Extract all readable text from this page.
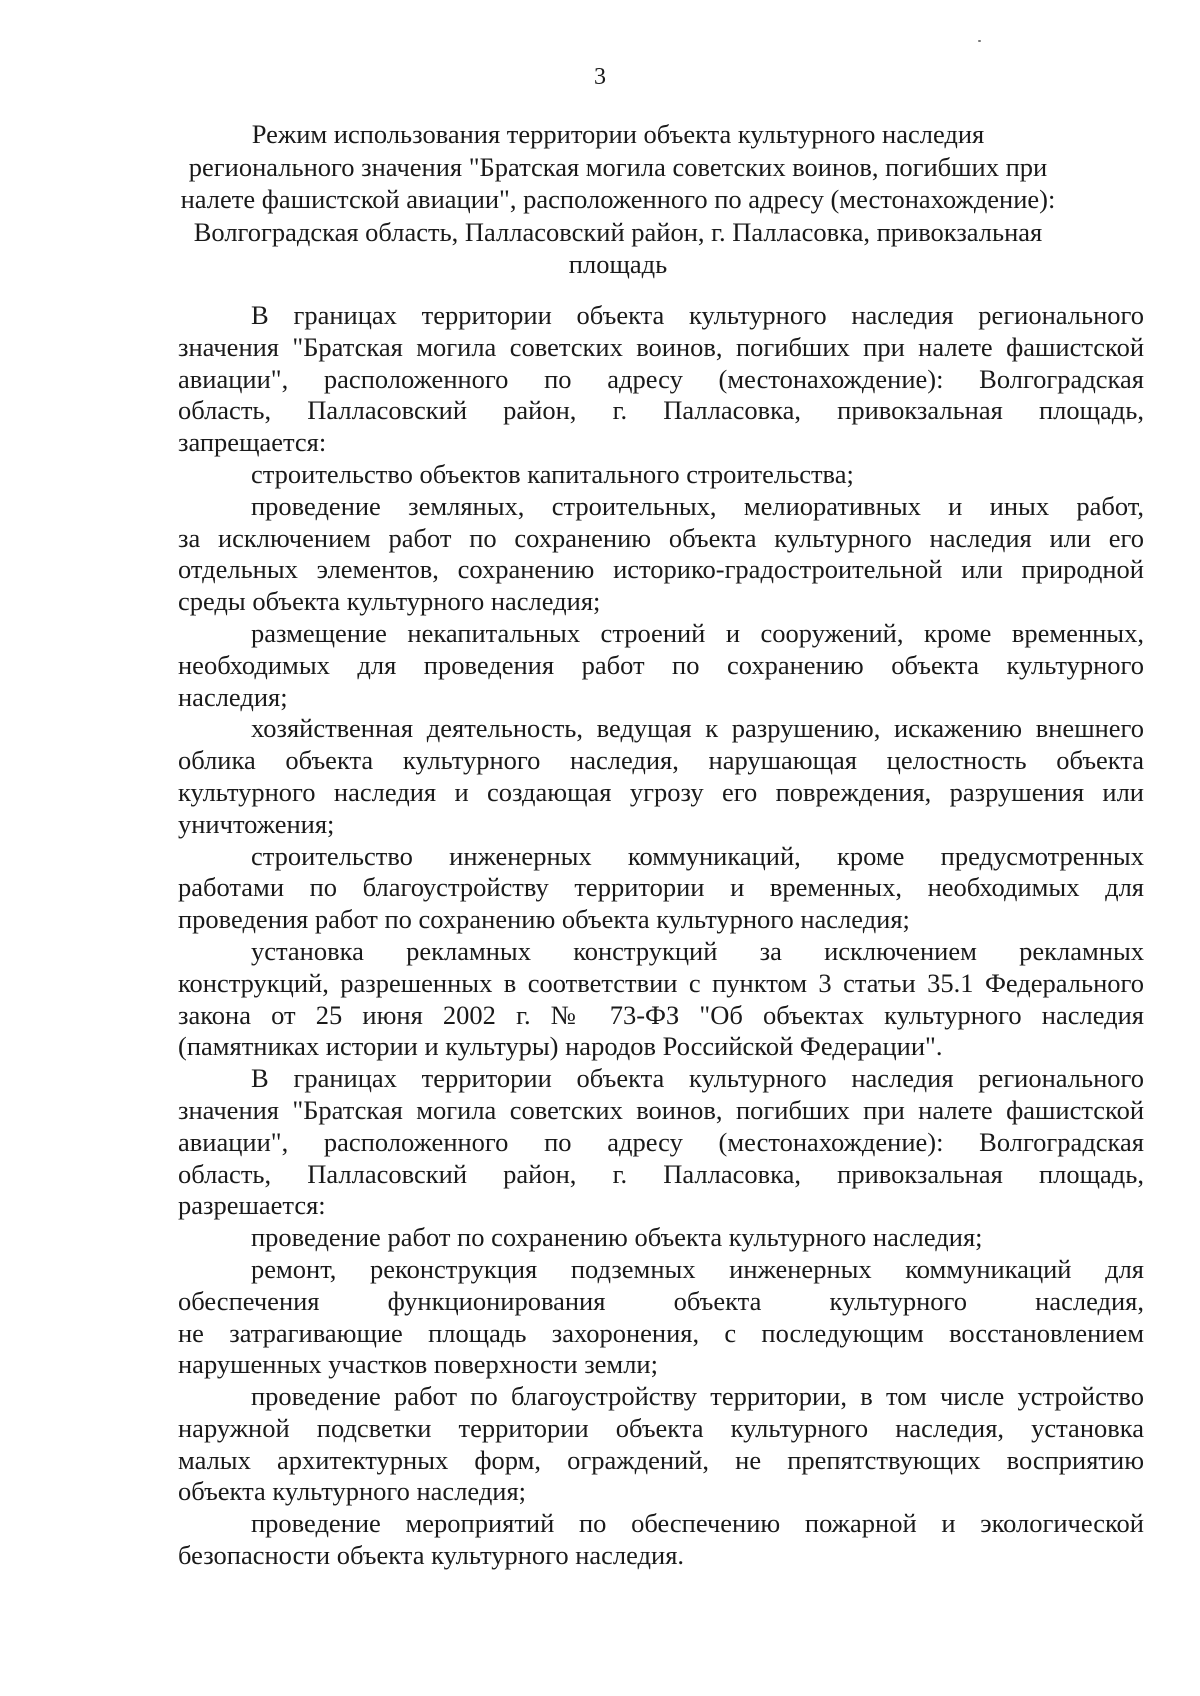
3
Режим использования территории объекта культурного наследия
регионального значения "Братская могила советских воинов, погибших при
налете фашистской авиации", расположенного по адресу (местонахождение):
Волгоградская область, Палласовский район, г. Палласовка, привокзальная
площадь
В границах территории объекта культурного наследия регионального
значения "Братская могила советских воинов, погибших при налете фашистской
авиации", расположенного по адресу (местонахождение): Волгоградская
область, Палласовский район, г. Палласовка, привокзальная площадь,
запрещается:
строительство объектов капитального строительства;
проведение земляных, строительных, мелиоративных и иных работ,
за исключением работ по сохранению объекта культурного наследия или его
отдельных элементов, сохранению историко-градостроительной или природной
среды объекта культурного наследия;
размещение некапитальных строений и сооружений, кроме временных,
необходимых для проведения работ по сохранению объекта культурного
наследия;
хозяйственная деятельность, ведущая к разрушению, искажению внешнего
облика объекта культурного наследия, нарушающая целостность объекта
культурного наследия и создающая угрозу его повреждения, разрушения или
уничтожения;
строительство инженерных коммуникаций, кроме предусмотренных
работами по благоустройству территории и временных, необходимых для
проведения работ по сохранению объекта культурного наследия;
установка рекламных конструкций за исключением рекламных
конструкций, разрешенных в соответствии с пунктом 3 статьи 35.1 Федерального
закона от 25 июня 2002 г. № 73-ФЗ "Об объектах культурного наследия
(памятниках истории и культуры) народов Российской Федерации".
В границах территории объекта культурного наследия регионального
значения "Братская могила советских воинов, погибших при налете фашистской
авиации", расположенного по адресу (местонахождение): Волгоградская
область, Палласовский район, г. Палласовка, привокзальная площадь,
разрешается:
проведение работ по сохранению объекта культурного наследия;
ремонт, реконструкция подземных инженерных коммуникаций для
обеспечения функционирования объекта культурного наследия,
не затрагивающие площадь захоронения, с последующим восстановлением
нарушенных участков поверхности земли;
проведение работ по благоустройству территории, в том числе устройство
наружной подсветки территории объекта культурного наследия, установка
малых архитектурных форм, ограждений, не препятствующих восприятию
объекта культурного наследия;
проведение мероприятий по обеспечению пожарной и экологической
безопасности объекта культурного наследия.
